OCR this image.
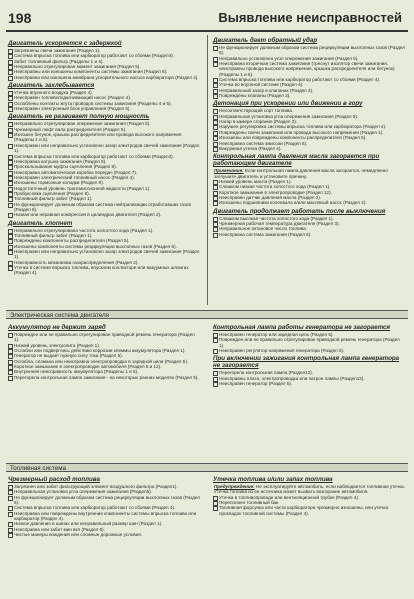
198	Выявление неисправностей
Двигатель ускоряется с задержкой
Загрязнены свечи зажигания (Раздел 1).
Система впрыска топлива или карбюратор работают со сбоями (Раздел4).
Забит топливный фильтр (Разделы 1 и 4).
Неправильно отрегулирован момент зажигания (Раздел 5).
Неисправны или изношены компоненты системы зажигания (Раздел 5).
Неисправна или изношена мембрана ускорительного насоса карбюратора (Раздел 4).
Двигатель захлебывается
Утечка впускного воздуха (Раздел 4).
Неисправен топливоподкачивающий насос (Раздел 4).
Ослаблены контакты жгута проводов системы зажигания (Разделы 4 и 5).
Неисправен электронный блок управления (Раздел 5).
Двигатель не развивает полную мощность
Неправильно отрегулирован опережение зажигания (Раздел 5).
Чрезмерный люфт вала распределителя (Раздел 5).
Изношен бегунок, крышка распределителя или провода высокого напряжения (Разделы 1 и 5).
Неисправен или неправильно установлен зазор электродов свечей зажигания (Раздел 1).
Система впрыска топлива или карбюратор работают со сбоями (Раздел4).
Неисправна катушка зажигания (Раздел 5).
Проскальзывание муфты сцепления (Раздел 8).
Неисправна автоматическая коробка передач (Раздел 7).
Неисправен электрический топливный насос (Раздел 4).
Изношены тормозные колодки (Раздел 9).
Недостаточный уровень трансмиссионной жидкости (Раздел 1).
Пробуксовка сцепления (Раздел 8).
Топливный фильтр забит (Раздел 1).
Не функционирует должным образом система нейтрализации отработавших газов (Раздел 6).
Низкая или неравная компрессия в цилиндрах двигателя (Раздел 2).
Двигатель хлопнет
Неправильно отрегулирована частота холостого хода (Раздел 1).
Топливный фильтр забит (Раздел 1).
Повреждены компоненты распределителя (Раздел 5).
Изношены компоненты системы рециркуляции выхлопных газов (Раздел 6).
Неисправен или неправильно установлен зазор электродов свечей зажигания (Раздел 1).
Неисправность механизма газораспределения (Раздел 2).
Утечка в системе впрыска топлива, впускном коллекторе или вакуумных шлангах (Раздел 4).
Двигатель дает обратный удар
Не функционирует должным образом система рециркуляции выхлопных газов (Раздел 6).
Неправильно установлен угол опережения зажигания (Раздел 5).
Неисправна вторичная система зажигания (треснут изолятор свечи зажигания, неисправны провода высокого напряжения, крышка распределителя или бегунок) (Разделы 1 и 5).
Система впрыска топлива или карбюратор работают со сбоями (Раздел 4).
Утечка во впускной системе (Раздел 4).
Неправильный зазор в клапанах (Раздел 2).
Повреждены клапаны (Раздел 2).
Детонация при ускорении или движении в гору
Несоответствующий сорт топлива.
Неправильная установка угла опережения зажигания (Раздел 5).
Нагар в камере сгорания (Раздел 2).
Нарушен регулировка системы впрыска топлива или карбюратора (Раздел 4).
Повреждены свечи зажигания или провода высокого напряжения (Раздел 1).
Изношены или повреждены компоненты распределителя (Раздел 5).
Неисправна система эмиссии (Раздел 6).
Вакуумная утечка (Раздел 4).
Контрольная лампа давления масла загорается при работающем двигателе
Примечание: Если контрольная лампа давления масла загорается, немедленно заглушите двигатель и установите причину.
Низкий уровень масла (Раздел 1).
Слишком низкая частота холостого хода (Раздел 1).
Короткое замыкание в электропроводке (Раздел 12).
Неисправен датчик давления масла (Раздел 2).
Изношены подшипники коленвала и/или масляный насос (Раздел 2).
Двигатель продолжает работать после выключения
Слишком высокая частота холостого хода (Раздел 1).
Чрезмерная рабочая температура двигателя (Раздел 3).
Неправильное октановое число топлива.
Неисправна система зажигания (Раздел 5).
Электрическая система двигателя
Аккумулятор не держит заряд
Поврежден или не правильно отрегулирован приводной ремень генератора (Раздел 1).
Низкий уровень электролита (Раздел 1).
Ослабли или подверглись действию коррозии клеммы аккумулятора (Раздел 1).
Генератор не выдает нужную силу тока (Раздел 5).
Ослабла, сломана или неисправна электропроводка в зарядной цепи (Раздел 5).
Короткое замыкание в электропроводке автомобиля (Раздел 5 и 12).
Внутренняя неисправность аккумулятора (Разделы 1 и 5).
Перегорела контрольная лампа зажигания - на некоторых ранних моделях (Раздел 5).
Контрольная лампа работы генератора не загорается
Неисправен генератор или зарядная цепь (Раздел 5).
Поврежден или не правильно отрегулирован приводной ремень генератора (Раздел 1).
Неисправен регулятор напряжения генератора (Раздел 5).
При включении зажигания контрольная лампа генератора не загорается
Перегорела контрольная лампа (Раздел12).
Неисправны плата, электропроводка или патрон лампы (Раздел12).
Неисправен генератор (Раздел 5).
Топливная система
Чрезмерный расход топлива
Загрязнен или забит фильтрующий элемент воздушного фильтра (Раздел1).
Неправильная установка угла опережения зажигания (Раздел5).
Не функционирует должным образом система рециркуляции выхлопных газов (Раздел 6).
Система впрыска топлива или карбюратор работают со сбоями (Раздел 4).
Неисправна или повреждены внутренние компоненты системы впрыска топлива или карбюратор (Раздел 4).
Низкое давление в шинах или неправильный размер шин (Раздел 1).
Неисправна или забит мин вкл (Раздел 6).
Чистые манеры вождения или сложные дорожные условия.
Утечка топлива и/или запах топлива
Предупреждение: Не эксплуатируйте автомобиль, если наблюдается топливная утечка. Утечка топлива из ее источника может вызвать возгорание автомобиля.
Утечка в топливопроводе или вентиляционной трубке (Раздел 4).
Переполнен топливный бак.
Топливная форсунка или части карбюратора чрезмерно изношены, или утечка прокладок топливной системы (Раздел 4).
